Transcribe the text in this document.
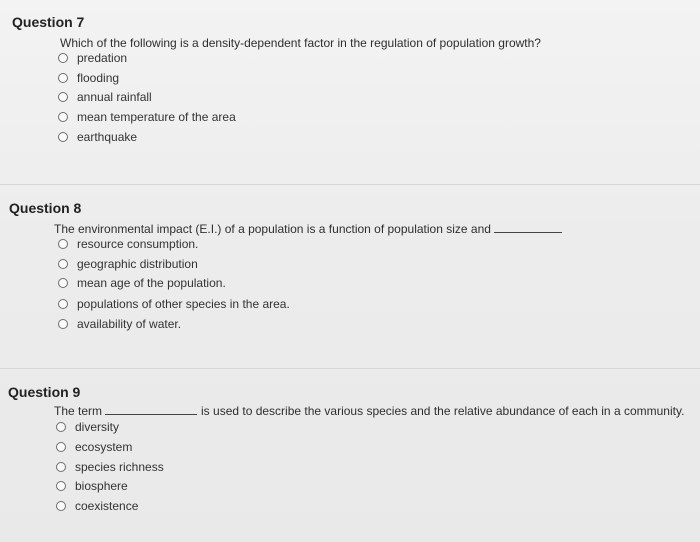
Question 7
Which of the following is a density-dependent factor in the regulation of population growth?
predation
flooding
annual rainfall
mean temperature of the area
earthquake
Question 8
The environmental impact (E.I.) of a population is a function of population size and
resource consumption.
geographic distribution
mean age of the population.
populations of other species in the area.
availability of water.
Question 9
The term	is used to describe the various species and the relative abundance of each in a community.
diversity
ecosystem
species richness
biosphere
coexistence
